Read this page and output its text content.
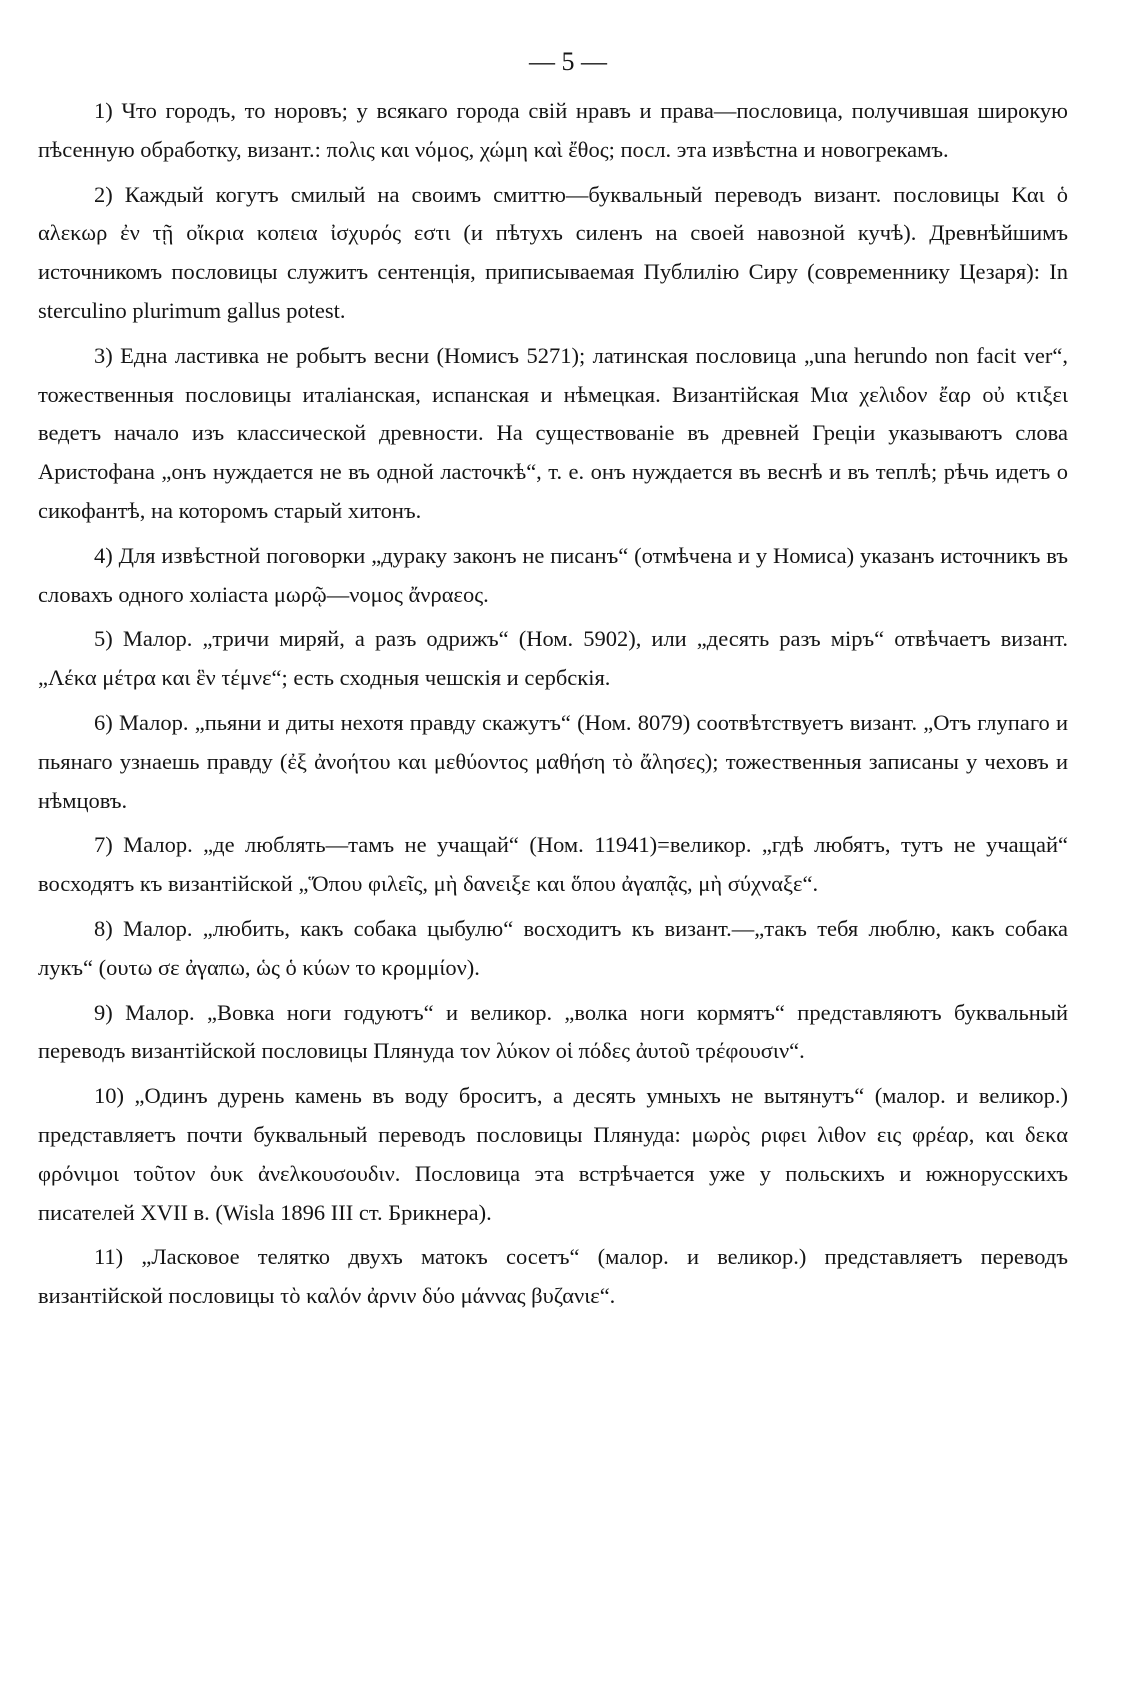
— 5 —

1) Что городъ, то норовъ; у всякаго города свій нравъ и права—пословица, получившая широкую пѣсенную обработку, визант.: πολις και νόμος, χώμη καὶ ἔθος; посл. эта извѣстна и новогрекамъ.

2) Каждый когутъ смилый на своимъ смиттю—буквальный переводъ визант. пословицы Και ὁ αλεκωρ ἐν τῇ οἴκρια κοπεια ἰσχυρός εστι (и пѣтухъ силенъ на своей навозной кучѣ). Древнѣйшимъ источникомъ пословицы служитъ сентенція, приписываемая Публилію Сиру (современнику Цезаря): In sterculino plurimum gallus potest.

3) Една ластивка не робытъ весни (Номисъ 5271); латинская пословица „una herundo non facit ver“, тожественныя пословицы италіанская, испанская и нѣмецкая. Византійская Μια χελιδον ἔαρ οὐ κτιξει ведетъ начало изъ классической древности. На существованіе въ древней Греціи указываютъ слова Аристофана „онъ нуждается не въ одной ласточкѣ“, т. е. онъ нуждается въ веснѣ и въ теплѣ; рѣчь идетъ о сикофантѣ, на которомъ старый хитонъ.

4) Для извѣстной поговорки „дураку законъ не писанъ“ (отмѣчена и у Номиса) указанъ источникъ въ словахъ одного холіаста μωρῷ—νομος ἄνραεος.

5) Малор. „тричи миряй, а разъ одрижъ“ (Ном. 5902), или „десять разъ міръ“ отвѣчаетъ визант. „Λέκα μέτρα και ἓν τέμνε“; есть сходныя чешскія и сербскія.

6) Малор. „пьяни и диты нехотя правду скажутъ“ (Ном. 8079) соотвѣтствуетъ визант. „Отъ глупаго и пьянаго узнаешь правду (ἐξ ἀνοήτου και μεθύοντος μαθήση τὸ ἄλησες); тожественныя записаны у чеховъ и нѣмцовъ.

7) Малор. „де люблять—тамъ не учащай“ (Ном. 11941)=великор. „гдѣ любятъ, тутъ не учащай“ восходятъ къ византійской „Ὅπου φιλεῖς, μὴ δανειξε και ὅπου ἀγαπᾷς, μὴ σύχναξε“.

8) Малор. „любить, какъ собака цыбулю“ восходитъ къ визант.—„такъ тебя люблю, какъ собака лукъ“ (ουτω σε ἀγαπω, ὡς ὁ κύων το κρομμίον).

9) Малор. „Вовка ноги годуютъ“ и великор. „волка ноги кормятъ“ представляютъ буквальный переводъ византійской пословицы Плянуда τον λύκον οἱ πόδες ἀυτοῦ τρέφουσιν“.

10) „Одинъ дурень камень въ воду броситъ, а десять умныхъ не вытянутъ“ (малор. и великор.) представляетъ почти буквальный переводъ пословицы Плянуда: μωρὸς ριφει λιθον εις φρέαρ, και δεκα φρόνιμοι τοῦτον ὀυκ ἀνελκουσουδιν. Пословица эта встрѣчается уже у польскихъ и южнорусскихъ писателей XVII в. (Wisla 1896 III ст. Брикнера).

11) „Ласковое телятко двухъ матокъ сосетъ“ (малор. и великор.) представляетъ переводъ византійской пословицы τὸ καλόν ἀρνιν δύο μάννας βυζανιε“.
